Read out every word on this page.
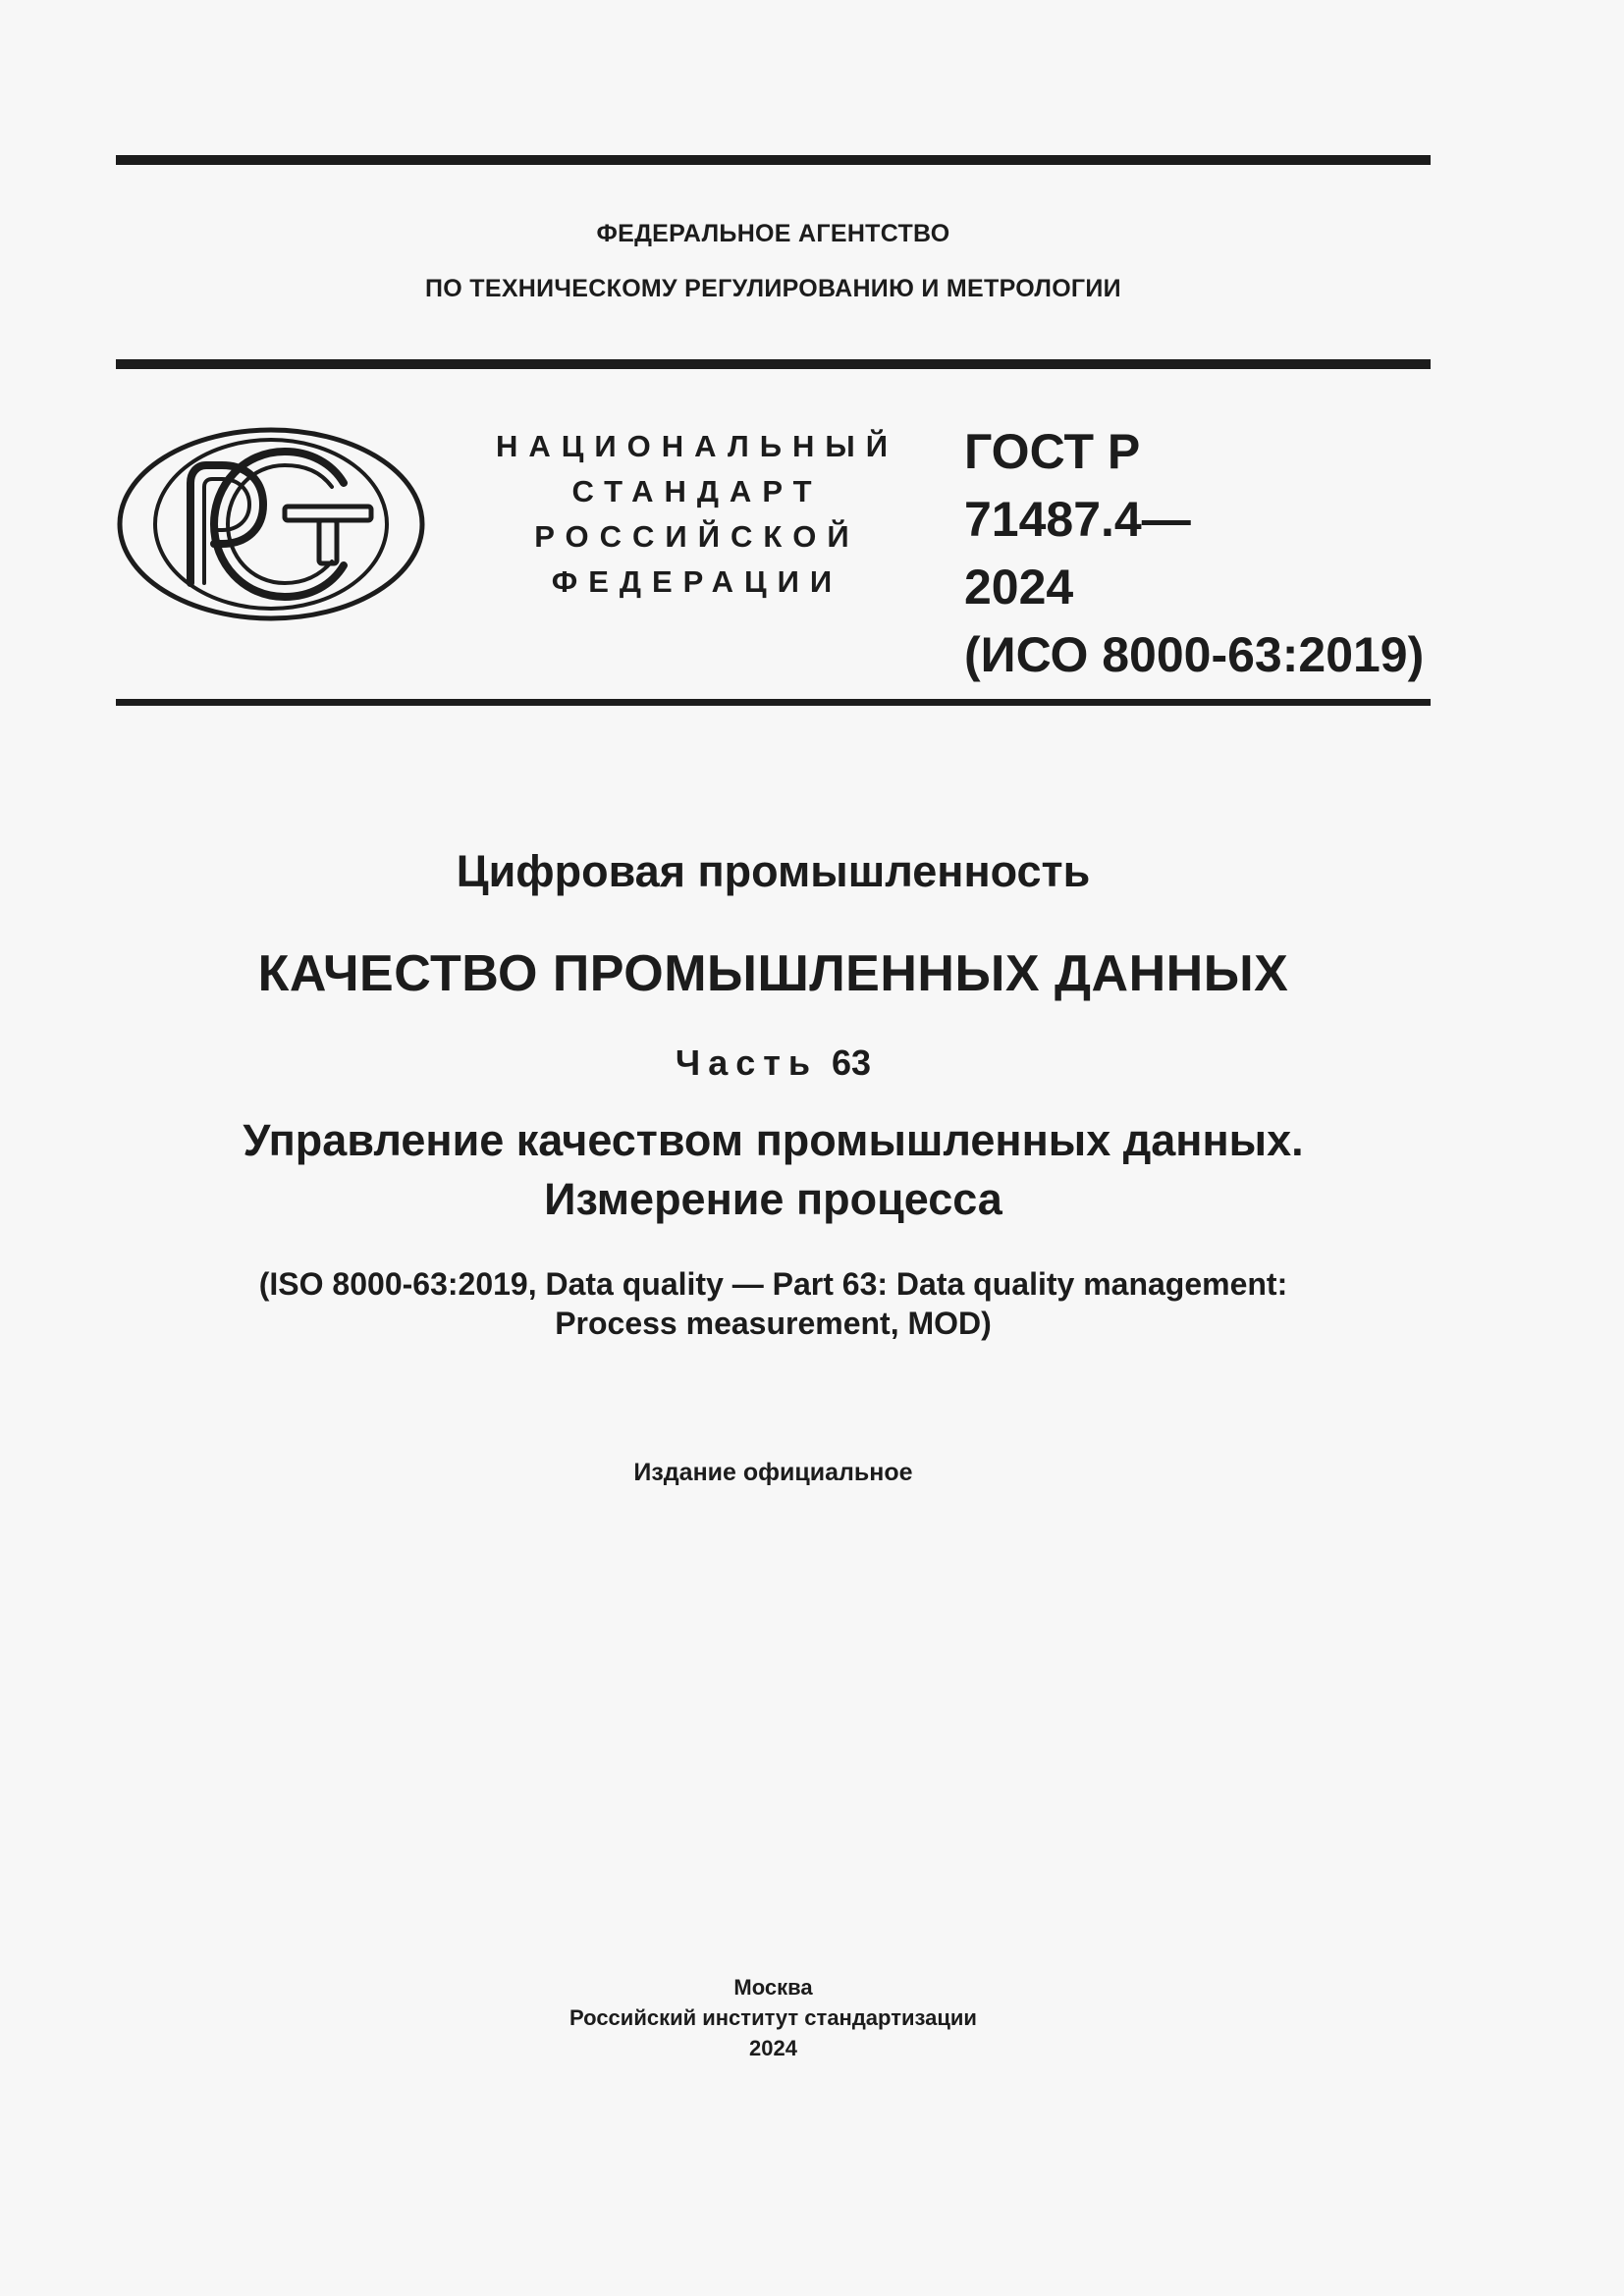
ФЕДЕРАЛЬНОЕ АГЕНТСТВО
ПО ТЕХНИЧЕСКОМУ РЕГУЛИРОВАНИЮ И МЕТРОЛОГИИ
НАЦИОНАЛЬНЫЙ
СТАНДАРТ
РОССИЙСКОЙ
ФЕДЕРАЦИИ
ГОСТ Р
71487.4—
2024
(ИСО 8000-63:2019)
Цифровая промышленность
КАЧЕСТВО ПРОМЫШЛЕННЫХ ДАННЫХ
Часть 63
Управление качеством промышленных данных.
Измерение процесса
(ISO 8000-63:2019, Data quality — Part 63: Data quality management:
Process measurement, MOD)
Издание официальное
Москва
Российский институт стандартизации
2024
